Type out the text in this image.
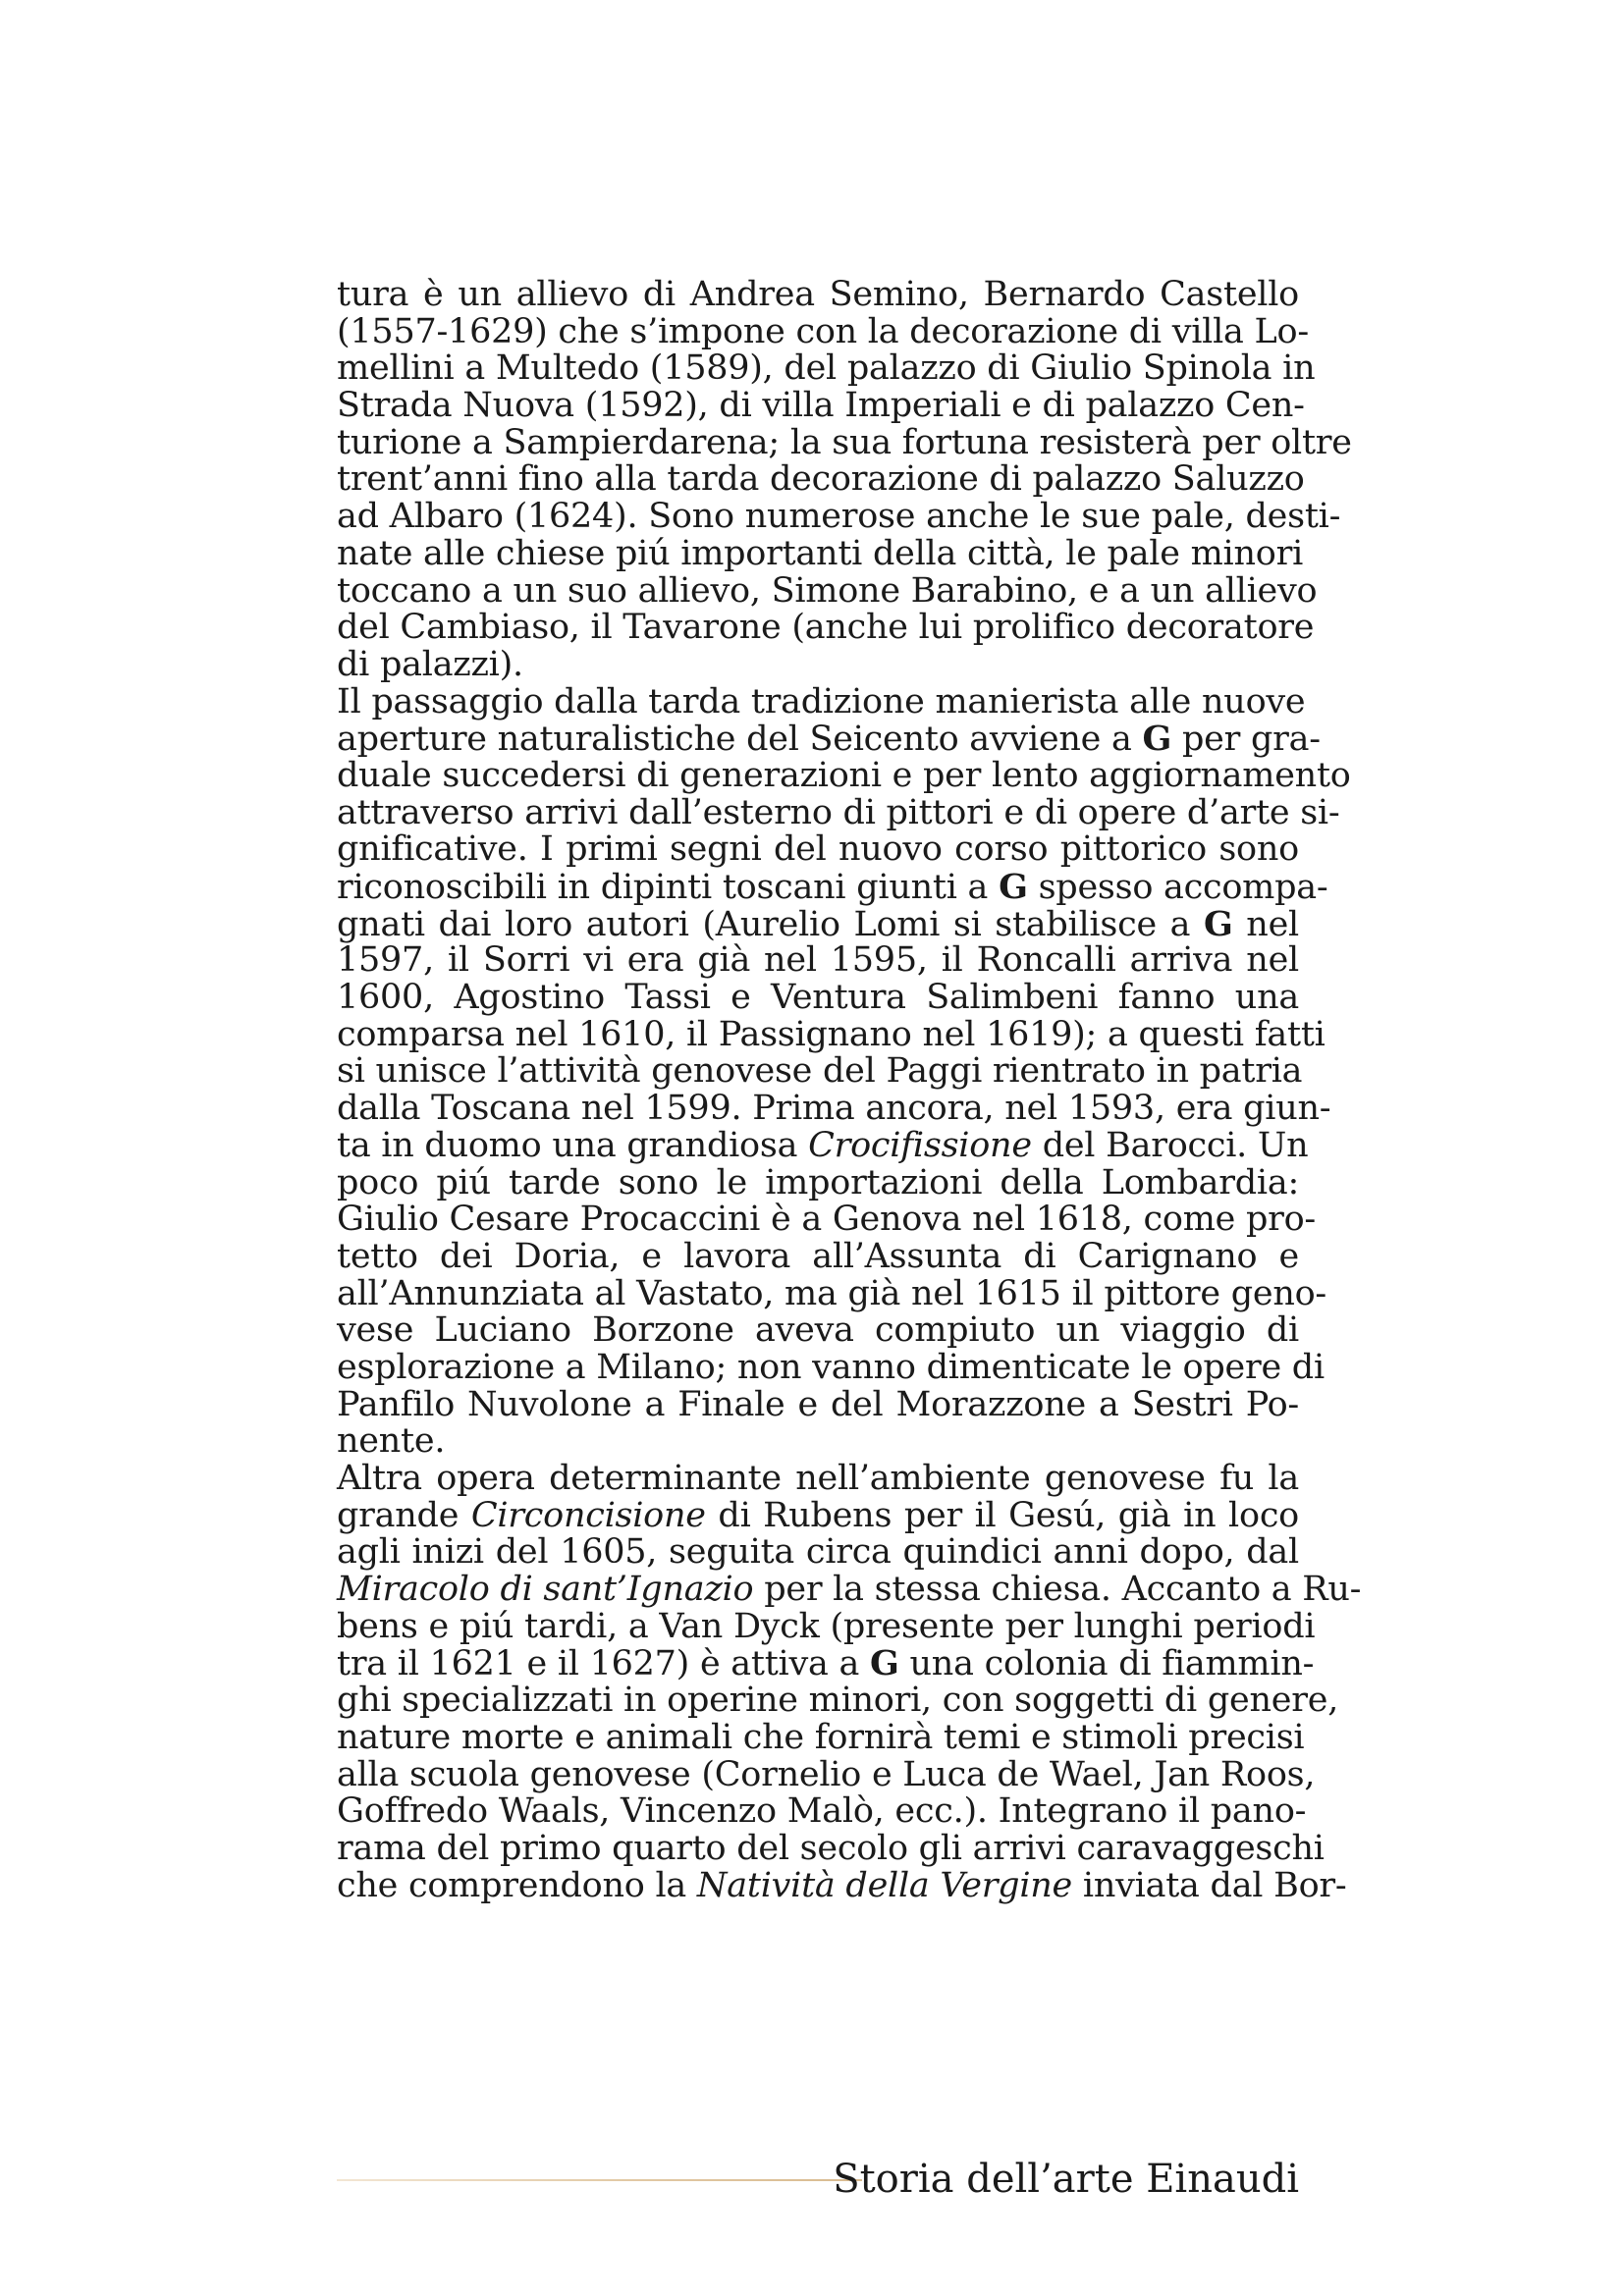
tura è un allievo di Andrea Semino, Bernardo Castello
(1557-1629) che s’impone con la decorazione di villa Lo-
mellini a Multedo (1589), del palazzo di Giulio Spinola in
Strada Nuova (1592), di villa Imperiali e di palazzo Cen-
turione a Sampierdarena; la sua fortuna resisterà per oltre
trent’anni fino alla tarda decorazione di palazzo Saluzzo
ad Albaro (1624). Sono numerose anche le sue pale, desti-
nate alle chiese piú importanti della città, le pale minori
toccano a un suo allievo, Simone Barabino, e a un allievo
del Cambiaso, il Tavarone (anche lui prolifico decoratore
di palazzi).
Il passaggio dalla tarda tradizione manierista alle nuove
aperture naturalistiche del Seicento avviene a G per gra-
duale succedersi di generazioni e per lento aggiornamento
attraverso arrivi dall’esterno di pittori e di opere d’arte si-
gnificative. I primi segni del nuovo corso pittorico sono
riconoscibili in dipinti toscani giunti a G spesso accompa-
gnati dai loro autori (Aurelio Lomi si stabilisce a G nel
1597, il Sorri vi era già nel 1595, il Roncalli arriva nel
1600, Agostino Tassi e Ventura Salimbeni fanno una
comparsa nel 1610, il Passignano nel 1619); a questi fatti
si unisce l’attività genovese del Paggi rientrato in patria
dalla Toscana nel 1599. Prima ancora, nel 1593, era giun-
ta in duomo una grandiosa Crocifissione del Barocci. Un
poco piú tarde sono le importazioni della Lombardia:
Giulio Cesare Procaccini è a Genova nel 1618, come pro-
tetto dei Doria, e lavora all’Assunta di Carignano e
all’Annunziata al Vastato, ma già nel 1615 il pittore geno-
vese Luciano Borzone aveva compiuto un viaggio di
esplorazione a Milano; non vanno dimenticate le opere di
Panfilo Nuvolone a Finale e del Morazzone a Sestri Po-
nente.
Altra opera determinante nell’ambiente genovese fu la
grande Circoncisione di Rubens per il Gesú, già in loco
agli inizi del 1605, seguita circa quindici anni dopo, dal
Miracolo di sant’Ignazio per la stessa chiesa. Accanto a Ru-
bens e piú tardi, a Van Dyck (presente per lunghi periodi
tra il 1621 e il 1627) è attiva a G una colonia di fiammin-
ghi specializzati in operine minori, con soggetti di genere,
nature morte e animali che fornirà temi e stimoli precisi
alla scuola genovese (Cornelio e Luca de Wael, Jan Roos,
Goffredo Waals, Vincenzo Malò, ecc.). Integrano il pano-
rama del primo quarto del secolo gli arrivi caravaggeschi
che comprendono la Natività della Vergine inviata dal Bor-
Storia dell’arte Einaudi
